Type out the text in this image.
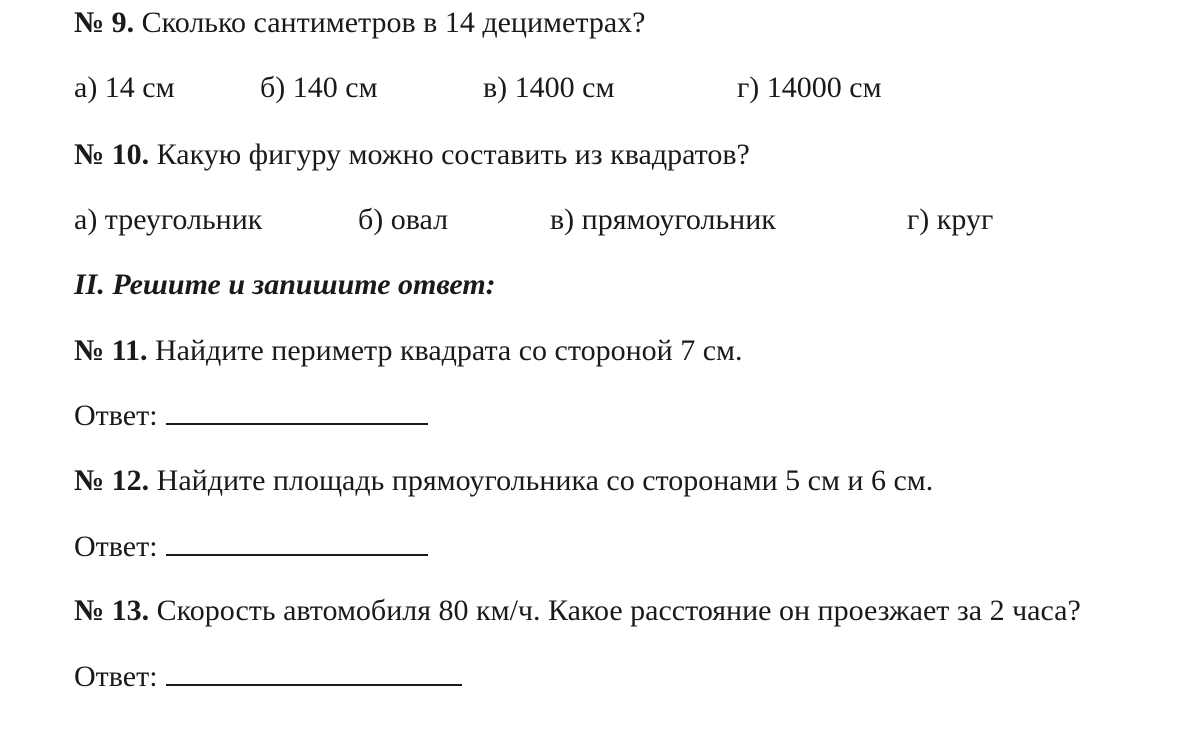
№ 9. Сколько сантиметров в 14 дециметрах?
а) 14 см	б) 140 см	в) 1400 см	г) 14000 см
№ 10. Какую фигуру можно составить из квадратов?
а) треугольник	б) овал	в) прямоугольник	г) круг
II. Решите и запишите ответ:
№ 11. Найдите периметр квадрата со стороной 7 см.
Ответ:
№ 12. Найдите площадь прямоугольника со сторонами 5 см и 6 см.
Ответ:
№ 13. Скорость автомобиля 80 км/ч. Какое расстояние он проезжает за 2 часа?
Ответ:
